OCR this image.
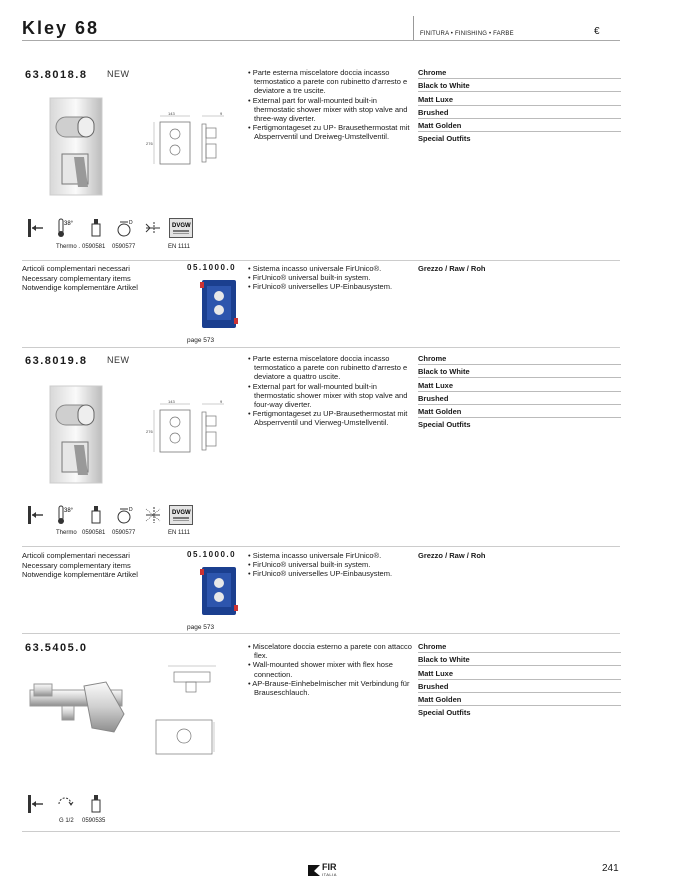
Kley 68	FINITURA • FINISHING • FARBE	€
63.8018.8 NEW
143
276
9
• Parte esterna miscelatore doccia incasso termostatico a parete con rubinetto d'arresto e deviatore a tre uscite.
• External part for wall-mounted built-in thermostatic shower mixer with stop valve and three-way diverter.
• Fertigmontageset zu UP- Brausethermostat mit Absperrventil und Dreiweg-Umstellventil.
Chrome
Black to White
Matt Luxe
Brushed
Matt Golden
Special Outfits
38°	D	DVGW
Thermo . 0590581 0590577	EN 1111
Articoli complementari necessari
Necessary complementary items
Notwendige komplementäre Artikel
05.1000.0
page 573
• Sistema incasso universale FirUnico®.
• FirUnico® universal built-in system.
• FirUnico® universelles UP-Einbausystem.
Grezzo / Raw / Roh
63.8019.8 NEW
143
276
9
• Parte esterna miscelatore doccia incasso termostatico a parete con rubinetto d'arresto e deviatore a quattro uscite.
• External part for wall-mounted built-in thermostatic shower mixer with stop valve and four-way diverter.
• Fertigmontageset zu UP-Brausethermostat mit Absperrventil und Vierweg-Umstellventil.
Chrome
Black to White
Matt Luxe
Brushed
Matt Golden
Special Outfits
38°	D	DVGW
Thermo 0590581 0590577	EN 1111
Articoli complementari necessari
Necessary complementary items
Notwendige komplementäre Artikel
05.1000.0
page 573
• Sistema incasso universale FirUnico®.
• FirUnico® universal built-in system.
• FirUnico® universelles UP-Einbausystem.
Grezzo / Raw / Roh
63.5405.0	• Miscelatore doccia esterno a parete con attacco flex.
• Wall-mounted shower mixer with flex hose connection.
• AP-Brause-Einhebelmischer mit Verbindung für Brauseschlauch.
Chrome
Black to White
Matt Luxe
Brushed
Matt Golden
Special Outfits
G 1/2 0590535
FIR
ITALIA
241
